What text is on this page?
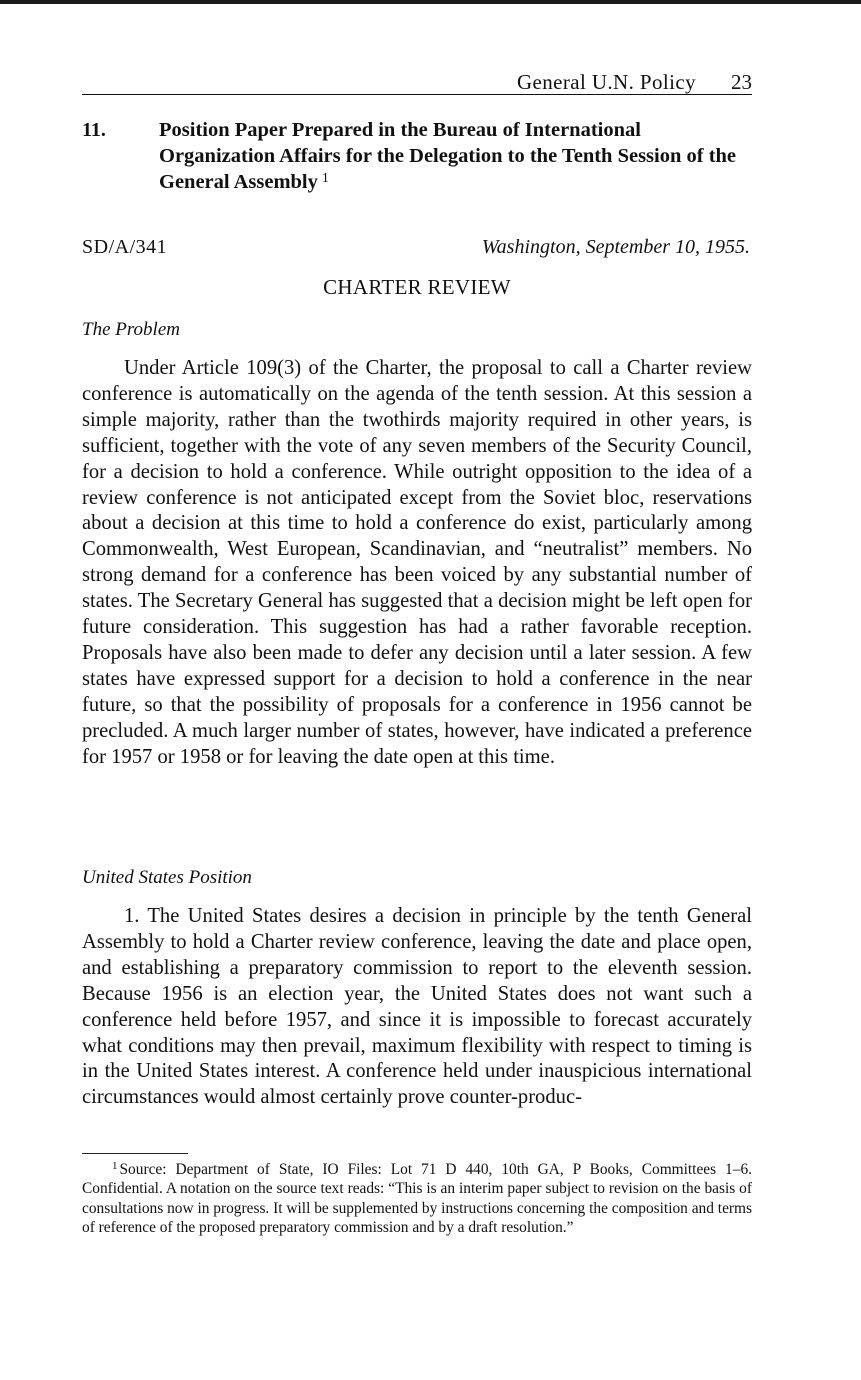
General U.N. Policy 23
11.	Position Paper Prepared in the Bureau of International Organization Affairs for the Delegation to the Tenth Session of the General Assembly $^1$
SD/A/341	Washington, September 10, 1955.
CHARTER REVIEW
The Problem

Under Article 109(3) of the Charter, the proposal to call a Charter review conference is automatically on the agenda of the tenth session. At this session a simple majority, rather than the twothirds majority required in other years, is sufficient, together with the vote of any seven members of the Security Council, for a decision to hold a conference. While outright opposition to the idea of a review conference is not anticipated except from the Soviet bloc, reservations about a decision at this time to hold a conference do exist, particularly among Commonwealth, West European, Scandinavian, and “neutralist” members. No strong demand for a conference has been voiced by any substantial number of states. The Secretary General has suggested that a decision might be left open for future consideration. This suggestion has had a rather favorable reception. Proposals have also been made to defer any decision until a later session. A few states have expressed support for a decision to hold a conference in the near future, so that the possibility of proposals for a conference in 1956 cannot be precluded. A much larger number of states, however, have indicated a preference for 1957 or 1958 or for leaving the date open at this time.

United States Position

1. The United States desires a decision in principle by the tenth General Assembly to hold a Charter review conference, leaving the date and place open, and establishing a preparatory commission to report to the eleventh session. Because 1956 is an election year, the United States does not want such a conference held before 1957, and since it is impossible to forecast accurately what conditions may then prevail, maximum flexibility with respect to timing is in the United States interest. A conference held under inauspicious international circumstances would almost certainly prove counter-produc-

$^1$ Source: Department of State, IO Files: Lot 71 D 440, 10th GA, P Books, Committees 1–6. Confidential. A notation on the source text reads: “This is an interim paper subject to revision on the basis of consultations now in progress. It will be supplemented by instructions concerning the composition and terms of reference of the proposed preparatory commission and by a draft resolution.”
